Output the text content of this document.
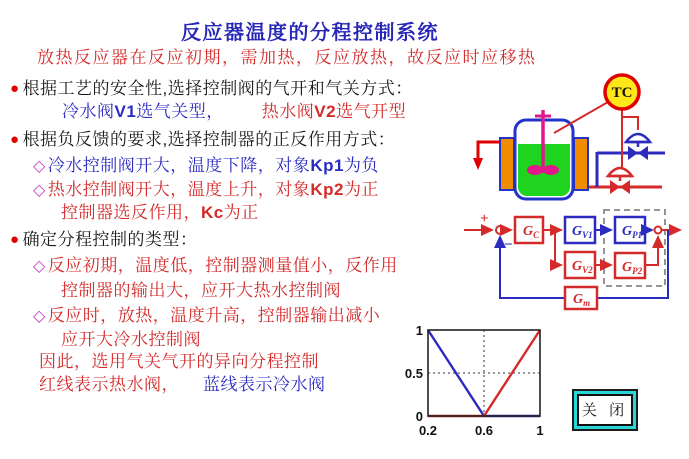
反应器温度的分程控制系统
放热反应器在反应初期，需加热，反应放热，故反应时应移热
● 根据工艺的安全性,选择控制阀的气开和气关方式：
冷水阀V1选气关型， 热水阀V2选气开型
● 根据负反馈的要求,选择控制器的正反作用方式：
◇ 冷水控制阀开大，温度下降，对象Kp1为负
◇ 热水控制阀开大，温度上升，对象Kp2为正
控制器选反作用，Kc为正
● 确定分程控制的类型：
◇ 反应初期，温度低，控制器测量值小，反作用
控制器的输出大，应开大热水控制阀
◇ 反应时，放热，温度升高，控制器输出减小
应开大冷水控制阀
因此，选用气关气开的异向分程控制
红线表示热水阀， 蓝线表示冷水阀
TC
+
−
$G_C$ $G_{V1}$
$G_{V2}$
$G_{P1}$
$G_{P2}$
$G_m$
1
0.5
0
0.2	0.6	1
关 闭
